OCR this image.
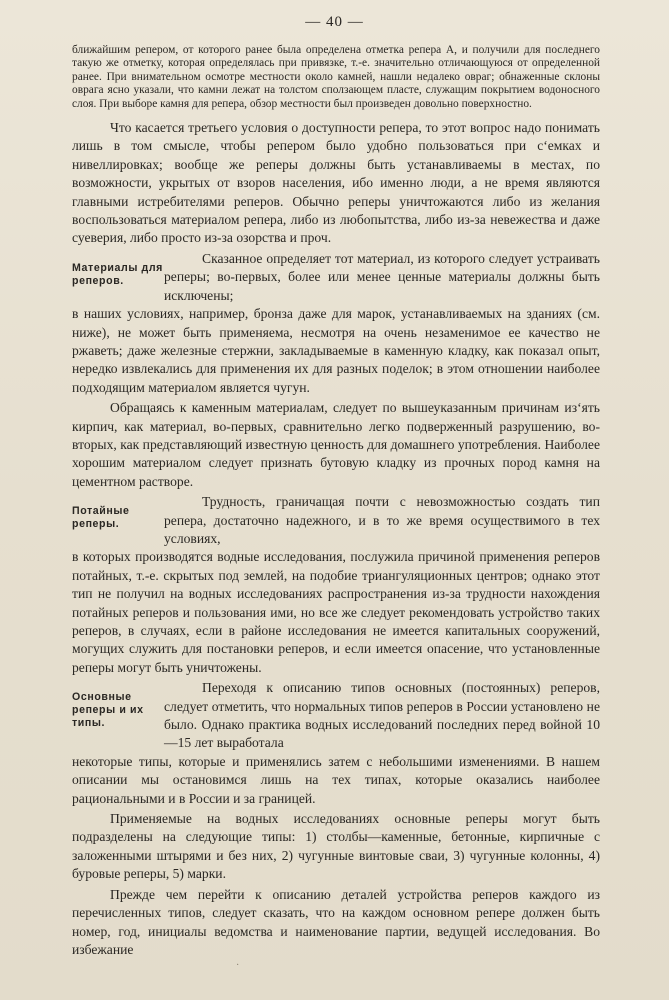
— 40 —

ближайшим репером, от которого ранее была определена отметка репера А, и получили для последнего такую же отметку, которая определялась при привязке, т.-е. значительно отличающуюся от определенной ранее. При внимательном осмотре местности около камней, нашли недалеко овраг; обнаженные склоны оврага ясно указали, что камни лежат на толстом сползающем пласте, служащим покрытием водоносного слоя. При выборе камня для репера, обзор местности был произведен довольно поверхностно.

Что касается третьего условия о доступности репера, то этот вопрос надо понимать лишь в том смысле, чтобы репером было удобно пользоваться при сʻемках и нивеллировках; вообще же реперы должны быть устанавливаемы в местах, по возможности, укрытых от взоров населения, ибо именно люди, а не время являются главными истребителями реперов. Обычно реперы уничтожаются либо из желания воспользоваться материалом репера, либо из любопытства, либо из-за невежества и даже суеверия, либо просто из-за озорства и проч.

Материалы для реперов.
Сказанное определяет тот материал, из которого следует устраивать реперы; во-первых, более или менее ценные материалы должны быть исключены;

в наших условиях, например, бронза даже для марок, устанавливаемых на зданиях (см. ниже), не может быть применяема, несмотря на очень незаменимое ее качество не ржаветь; даже железные стержни, закладываемые в каменную кладку, как показал опыт, нередко извлекались для применения их для разных поделок; в этом отношении наиболее подходящим материалом является чугун.

Обращаясь к каменным материалам, следует по вышеуказанным причинам изʻять кирпич, как материал, во-первых, сравнительно легко подверженный разрушению, во-вторых, как представляющий известную ценность для домашнего употребления. Наиболее хорошим материалом следует признать бутовую кладку из прочных пород камня на цементном растворе.

Потайные реперы.
Трудность, граничащая почти с невозможностью создать тип репера, достаточно надежного, и в то же время осуществимого в тех условиях,

в которых производятся водные исследования, послужила причиной применения реперов потайных, т.-е. скрытых под землей, на подобие триангуляционных центров; однако этот тип не получил на водных исследованиях распространения из-за трудности нахождения потайных реперов и пользования ими, но все же следует рекомендовать устройство таких реперов, в случаях, если в районе исследования не имеется капитальных сооружений, могущих служить для постановки реперов, и если имеется опасение, что установленные реперы могут быть уничтожены.

Основные реперы и их типы.
Переходя к описанию типов основных (постоянных) реперов, следует отметить, что нормальных типов реперов в России установлено не было. Однако практика водных исследований последних перед войной 10—15 лет выработала

некоторые типы, которые и применялись затем с небольшими изменениями. В нашем описании мы остановимся лишь на тех типах, которые оказались наиболее рациональными и в России и за границей.

Применяемые на водных исследованиях основные реперы могут быть подразделены на следующие типы: 1) столбы—каменные, бетонные, кирпичные с заложенными штырями и без них, 2) чугунные винтовые сваи, 3) чугунные колонны, 4) буровые реперы, 5) марки.

Прежде чем перейти к описанию деталей устройства реперов каждого из перечисленных типов, следует сказать, что на каждом основном репере должен быть номер, год, инициалы ведомства и наименование партии, ведущей исследования. Во избежание

·
